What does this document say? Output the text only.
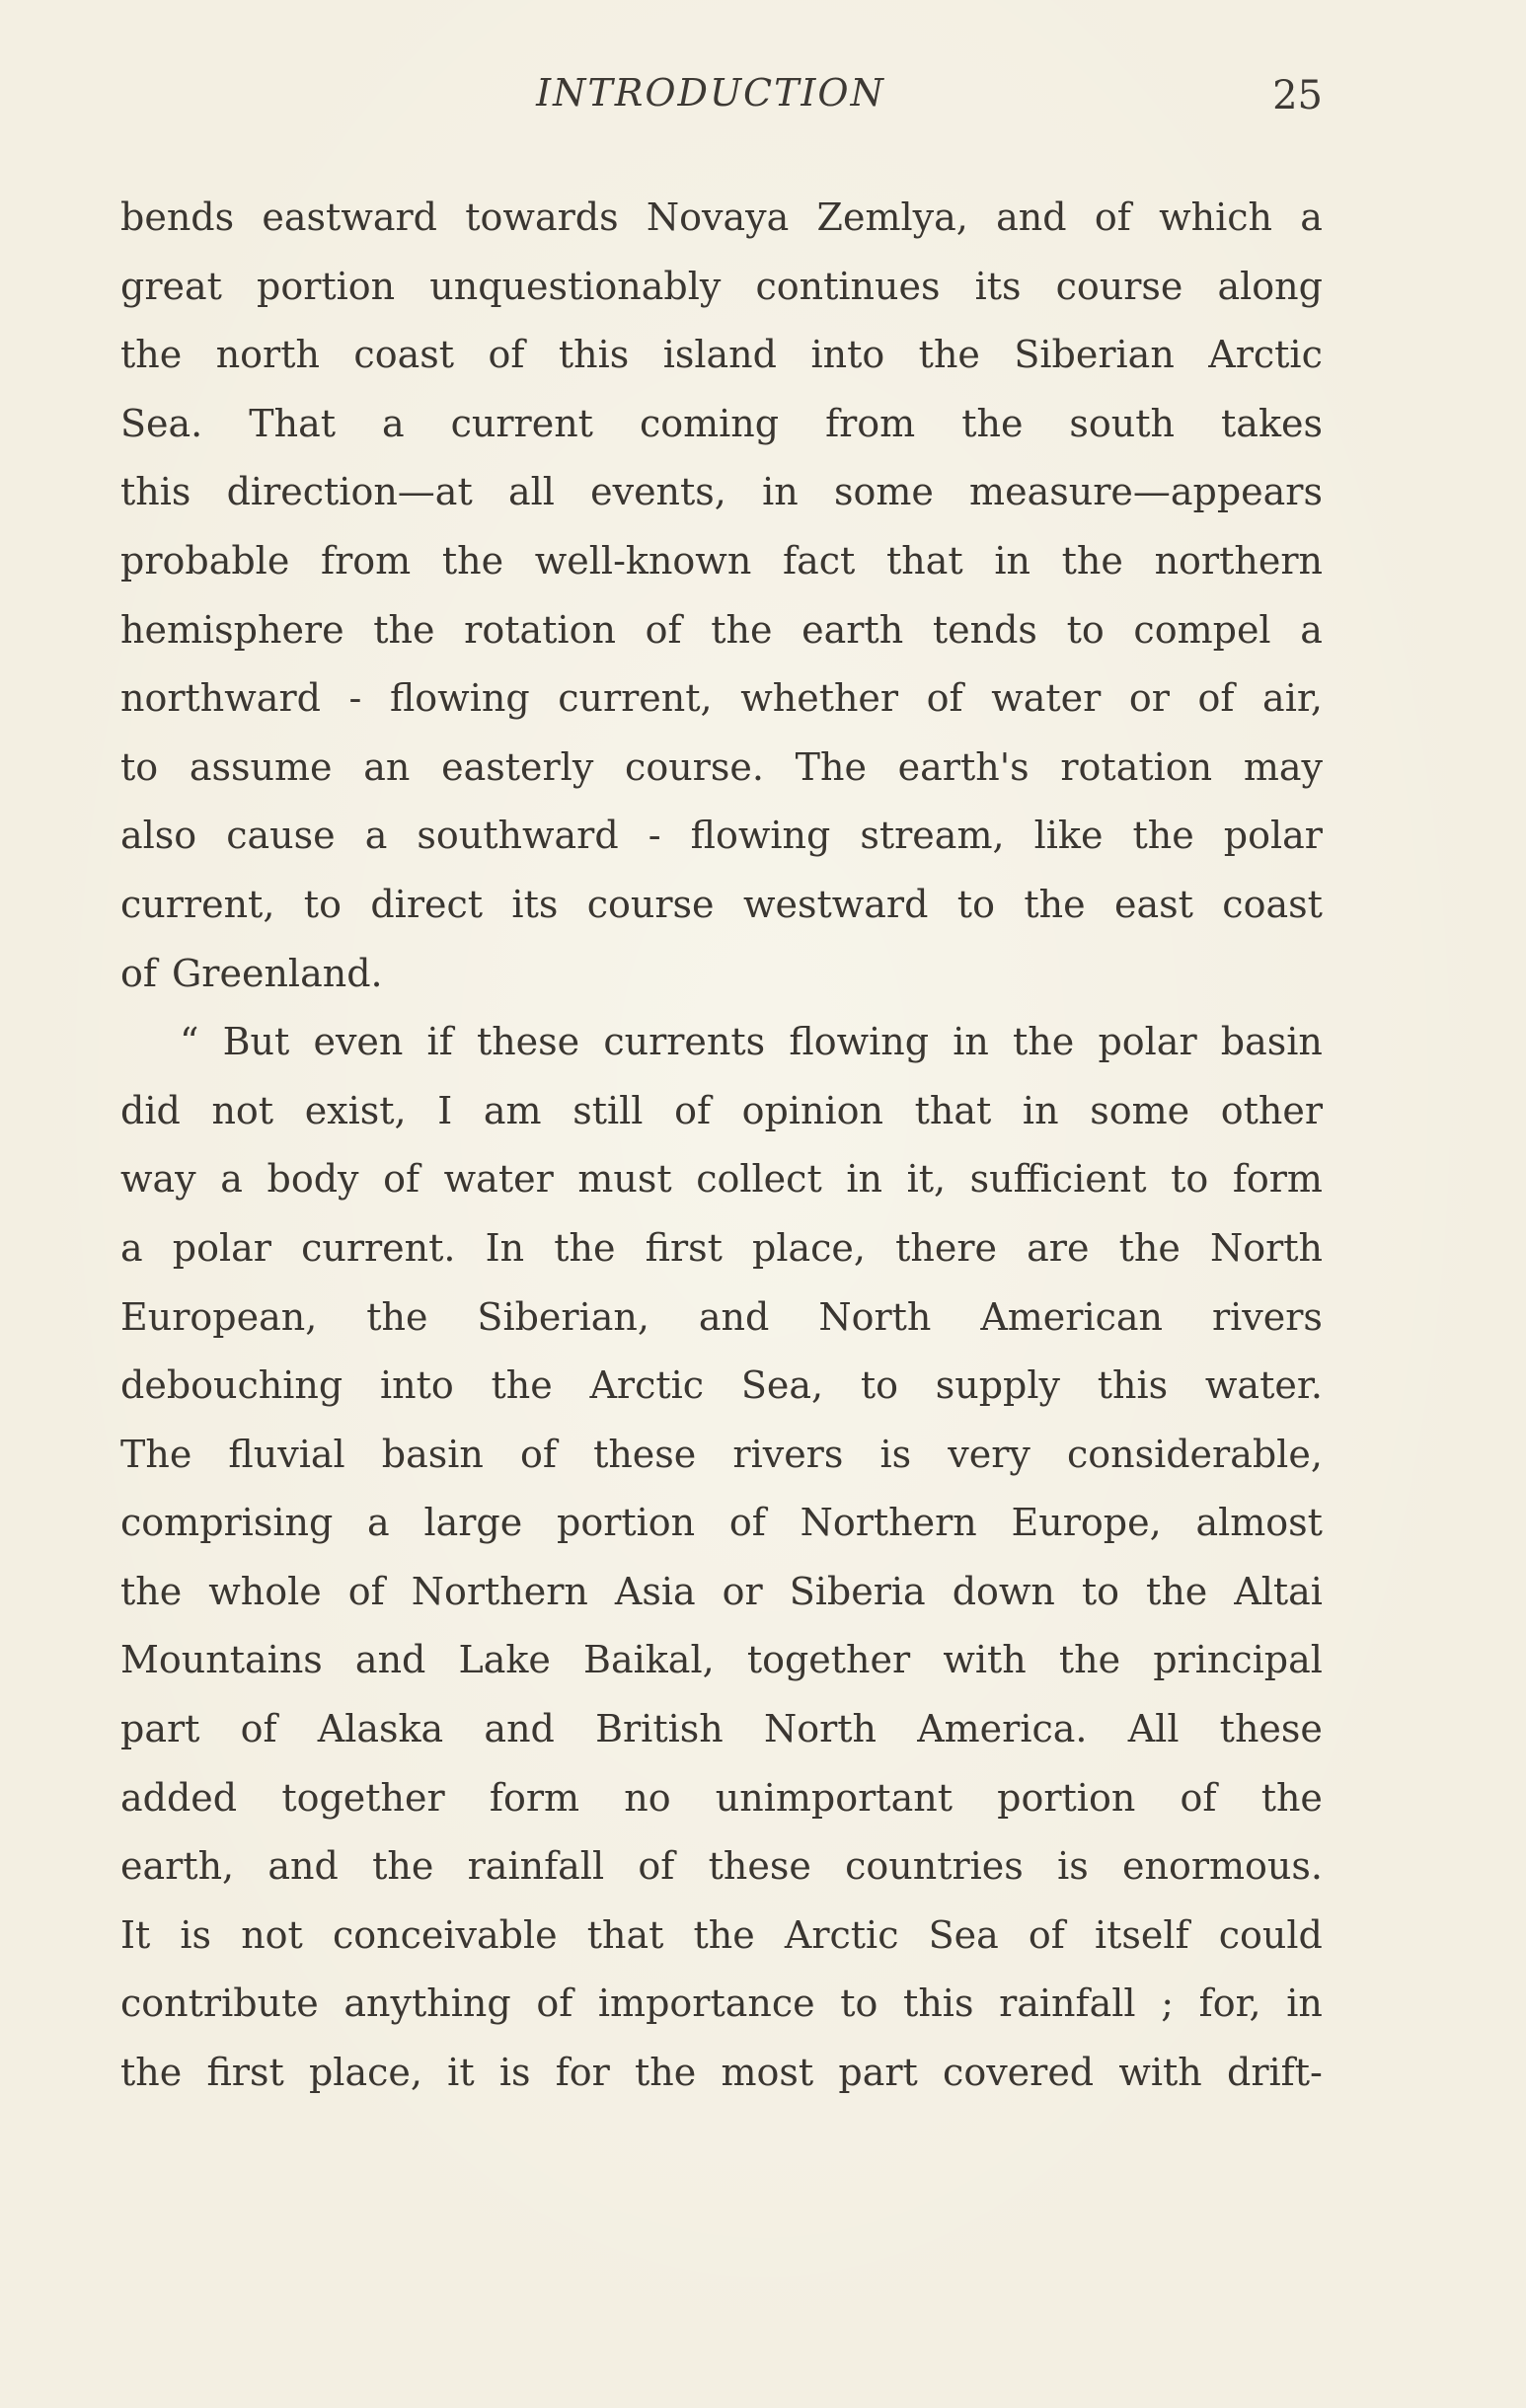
INTRODUCTION	25
bends eastward towards Novaya Zemlya, and of which a
great portion unquestionably continues its course along
the north coast of this island into the Siberian Arctic
Sea. That a current coming from the south takes
this direction—at all events, in some measure—appears
probable from the well-known fact that in the northern
hemisphere the rotation of the earth tends to compel a
northward - flowing current, whether of water or of air,
to assume an easterly course. The earth's rotation may
also cause a southward - flowing stream, like the polar
current, to direct its course westward to the east coast
of Greenland.
“ But even if these currents flowing in the polar basin
did not exist, I am still of opinion that in some other
way a body of water must collect in it, sufficient to form
a polar current. In the first place, there are the North
European, the Siberian, and North American rivers
debouching into the Arctic Sea, to supply this water.
The fluvial basin of these rivers is very considerable,
comprising a large portion of Northern Europe, almost
the whole of Northern Asia or Siberia down to the Altai
Mountains and Lake Baikal, together with the principal
part of Alaska and British North America. All these
added together form no unimportant portion of the
earth, and the rainfall of these countries is enormous.
It is not conceivable that the Arctic Sea of itself could
contribute anything of importance to this rainfall ; for, in
the first place, it is for the most part covered with drift-
